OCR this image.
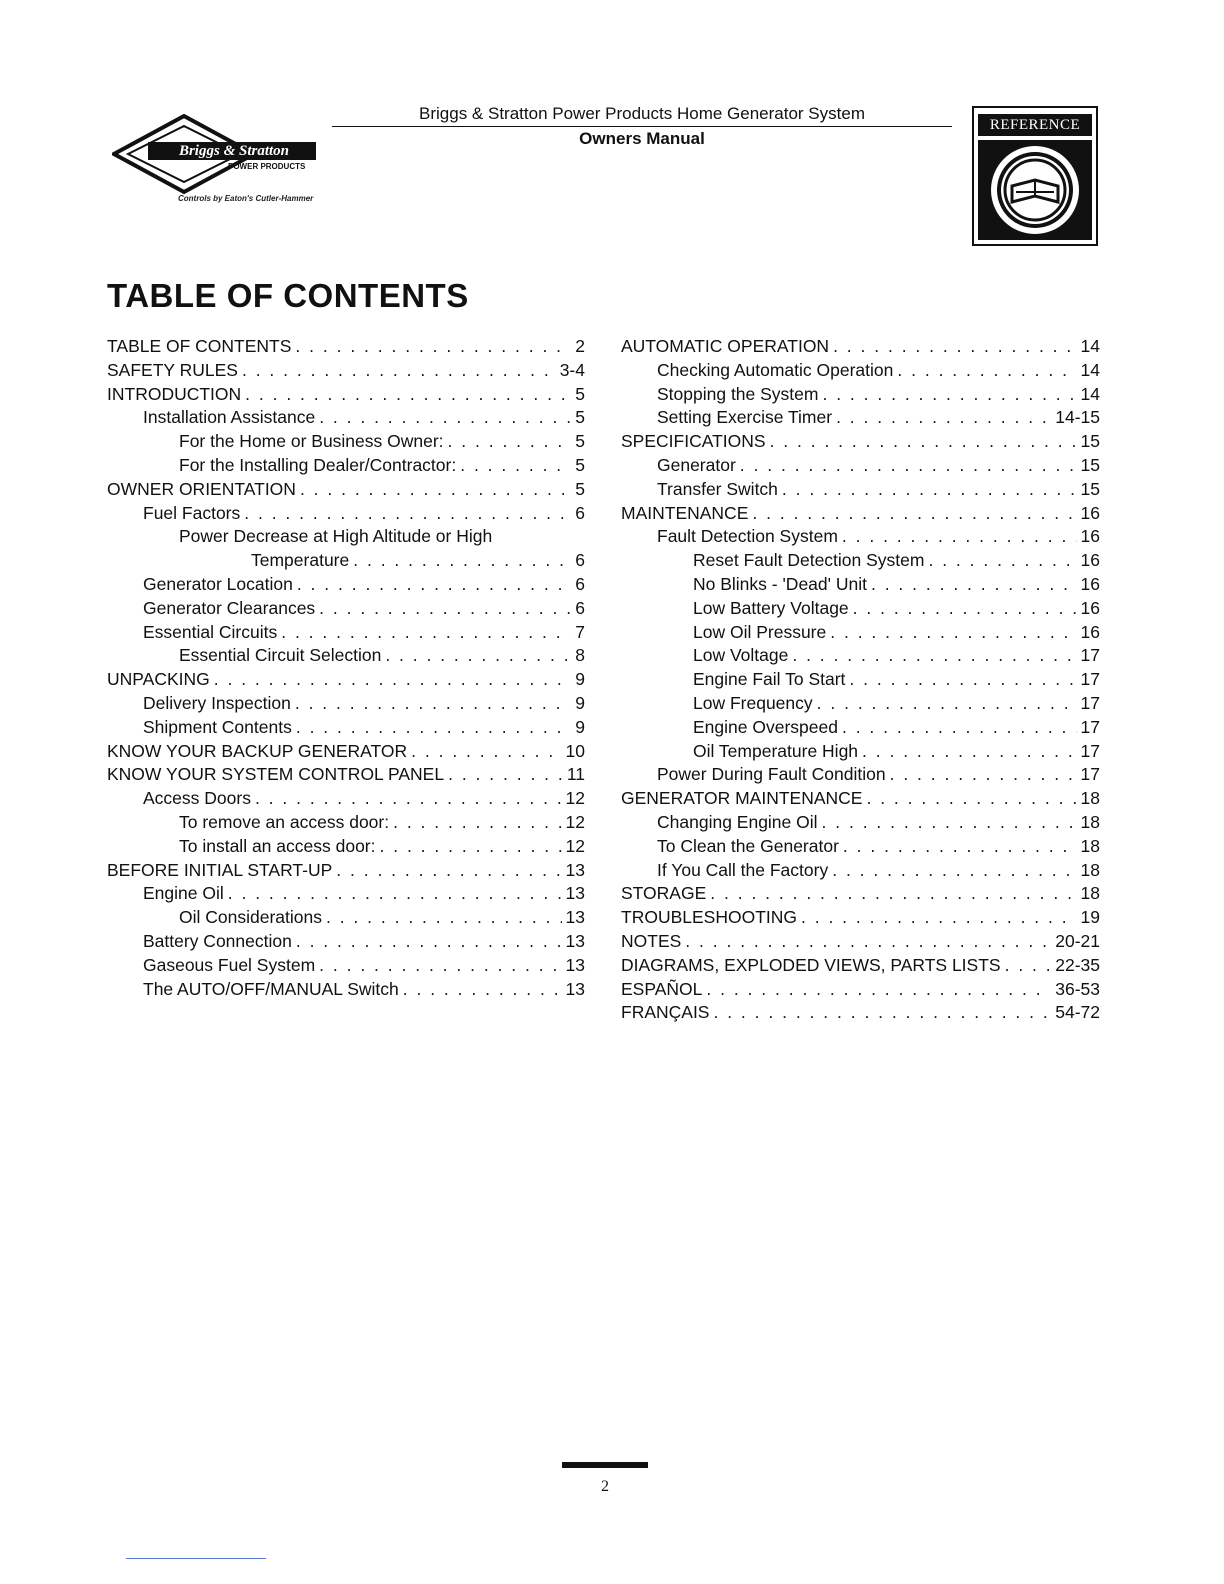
Briggs & Stratton
POWER PRODUCTS
Controls by Eaton's Cutler-Hammer
Briggs & Stratton Power Products Home Generator System
Owners Manual
REFERENCE
TABLE OF CONTENTS
TABLE OF CONTENTS . . .	2
SAFETY RULES . . .	3-4
INTRODUCTION . . .	5
Installation Assistance . . .	5
For the Home or Business Owner: . . .	5
For the Installing Dealer/Contractor: . . .	5
OWNER ORIENTATION . . .	5
Fuel Factors . . .	6
Power Decrease at High Altitude or High
Temperature . . .	6
Generator Location . . .	6
Generator Clearances . . .	6
Essential Circuits . . .	7
Essential Circuit Selection . . .	8
UNPACKING . . .	9
Delivery Inspection . . .	9
Shipment Contents . . .	9
KNOW YOUR BACKUP GENERATOR . . .	10
KNOW YOUR SYSTEM CONTROL PANEL . . .	11
Access Doors . . .	12
To remove an access door: . . .	12
To install an access door: . . .	12
BEFORE INITIAL START-UP . . .	13
Engine Oil . . .	13
Oil Considerations . . .	13
Battery Connection . . .	13
Gaseous Fuel System . . .	13
The AUTO/OFF/MANUAL Switch . . .	13
AUTOMATIC OPERATION . . .	14
Checking Automatic Operation . . .	14
Stopping the System . . .	14
Setting Exercise Timer . . .	14-15
SPECIFICATIONS . . .	15
Generator . . .	15
Transfer Switch . . .	15
MAINTENANCE . . .	16
Fault Detection System . . .	16
Reset Fault Detection System . . .	16
No Blinks - 'Dead' Unit . . .	16
Low Battery Voltage . . .	16
Low Oil Pressure . . .	16
Low Voltage . . .	17
Engine Fail To Start . . .	17
Low Frequency . . .	17
Engine Overspeed . . .	17
Oil Temperature High . . .	17
Power During Fault Condition . . .	17
GENERATOR MAINTENANCE . . .	18
Changing Engine Oil . . .	18
To Clean the Generator . . .	18
If You Call the Factory . . .	18
STORAGE . . .	18
TROUBLESHOOTING . . .	19
NOTES . . .	20-21
DIAGRAMS, EXPLODED VIEWS, PARTS LISTS . . .	22-35
ESPAÑOL . . .	36-53
FRANÇAIS . . .	54-72
2
